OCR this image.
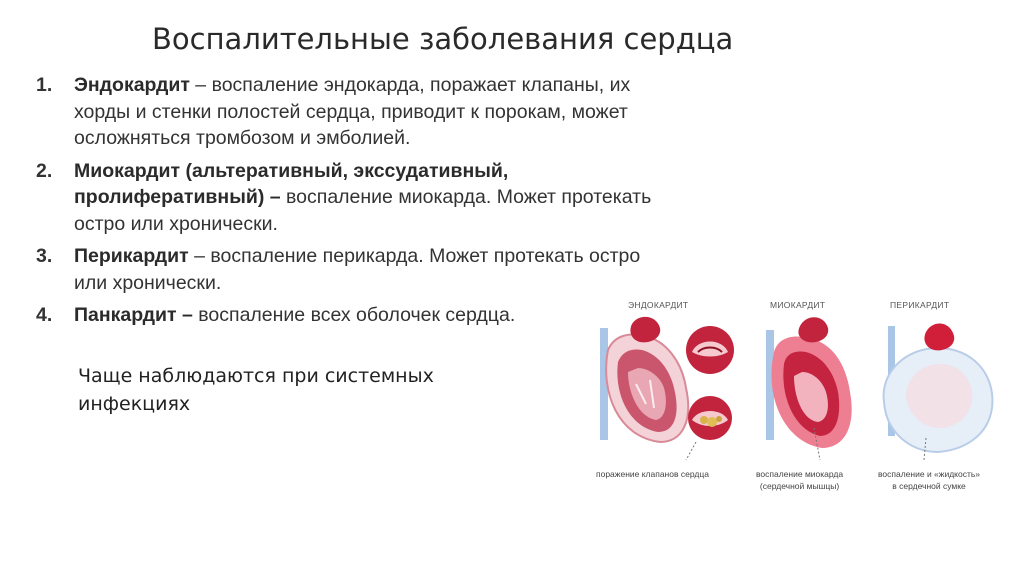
Воспалительные заболевания сердца
1.	Эндокардит – воспаление эндокарда, поражает клапаны, их хорды и стенки полостей сердца, приводит к порокам, может осложняться тромбозом и эмболией.
2.	Миокардит (альтеративный, экссудативный, пролиферативный) – воспаление миокарда. Может протекать остро или хронически.
3.	Перикардит – воспаление перикарда. Может протекать остро или хронически.
4.	Панкардит – воспаление всех оболочек сердца.
Чаще наблюдаются при системных
инфекциях
ЭНДОКАРДИТ	МИОКАРДИТ	ПЕРИКАРДИТ
поражение клапанов сердца	воспаление миокарда
(сердечной мышцы)
воспаление и «жидкость»
в сердечной сумке
